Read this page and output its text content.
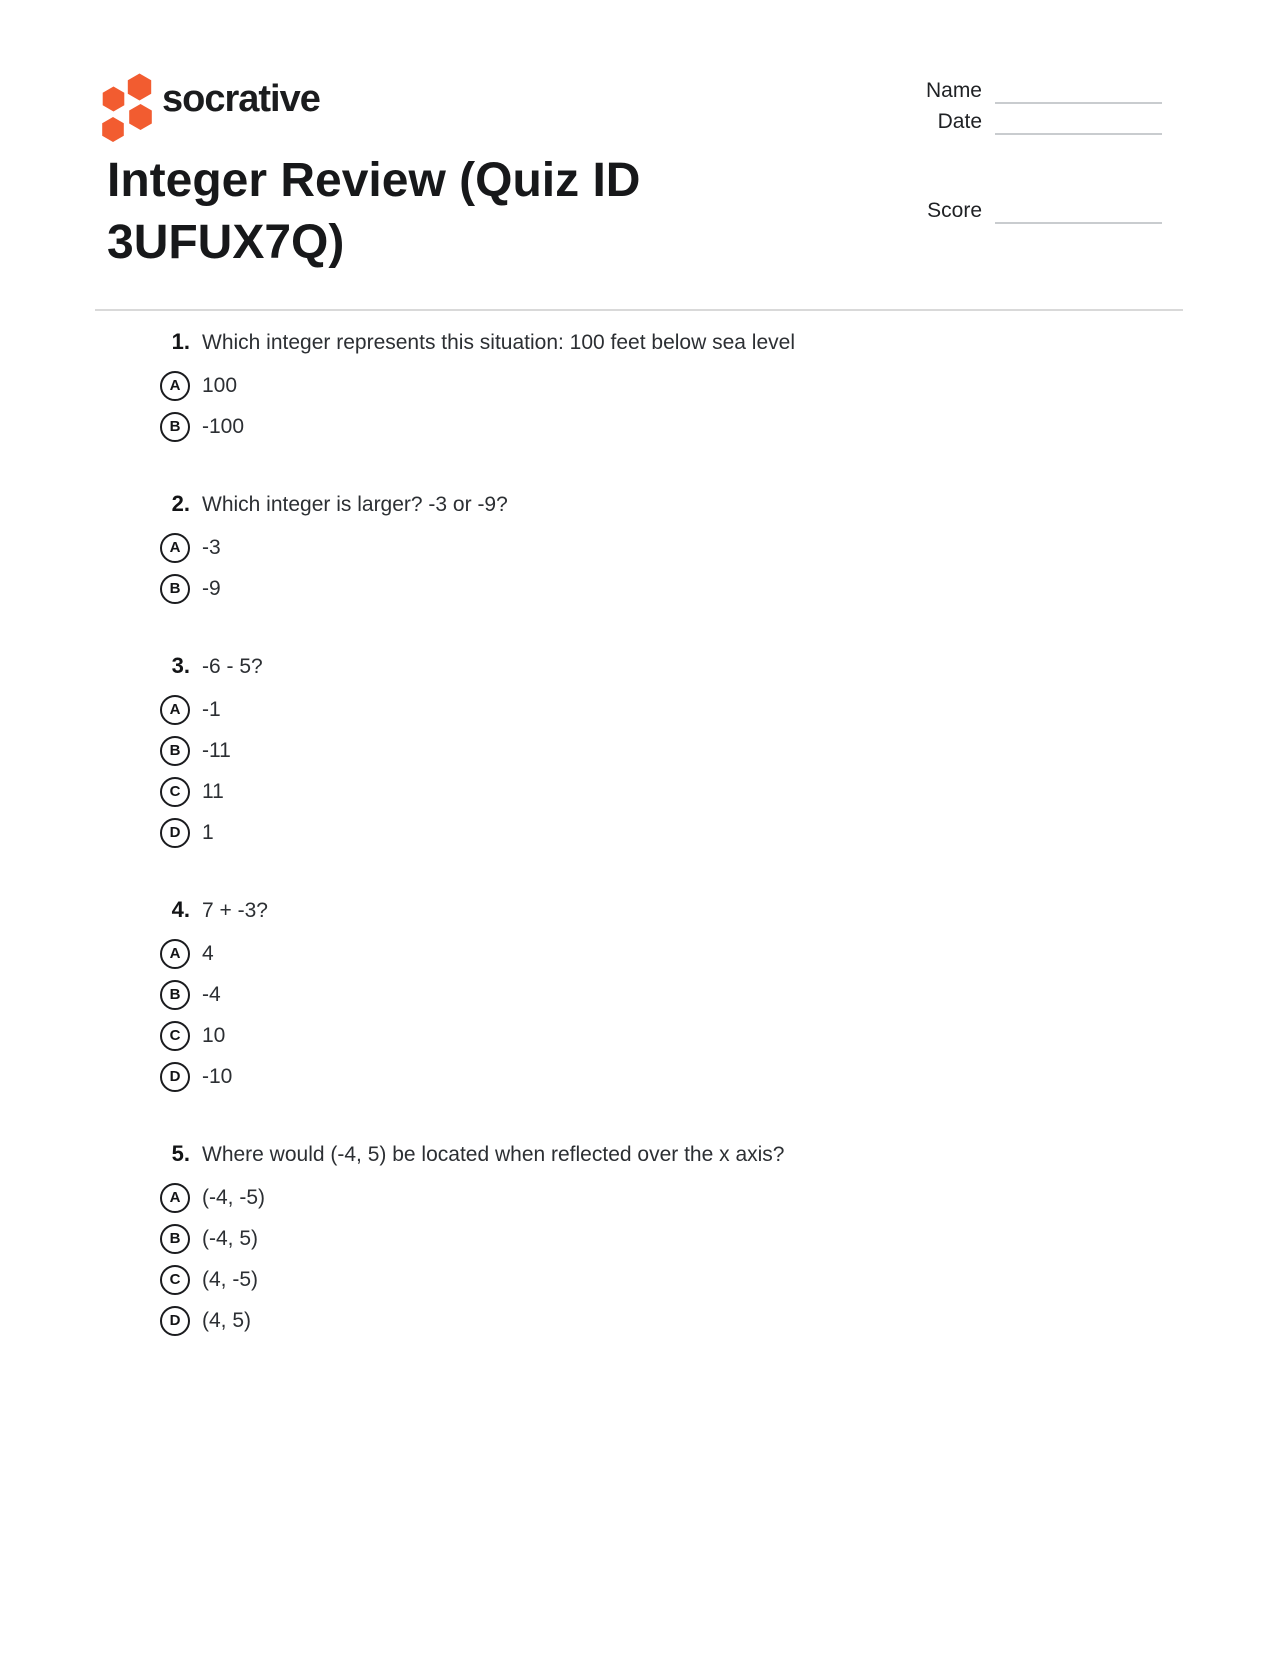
socrative	Name
Date
Integer Review (Quiz ID 3UFUX7Q)
Score
1. Which integer represents this situation: 100 feet below sea level
A 100
B -100
2. Which integer is larger? -3 or -9?
A -3
B -9
3. -6 - 5?
A -1
B -11
C 11
D 1
4. 7 + -3?
A 4
B -4
C 10
D -10
5. Where would (-4, 5) be located when reflected over the x axis?
A (-4, -5)
B (-4, 5)
C (4, -5)
D (4, 5)
